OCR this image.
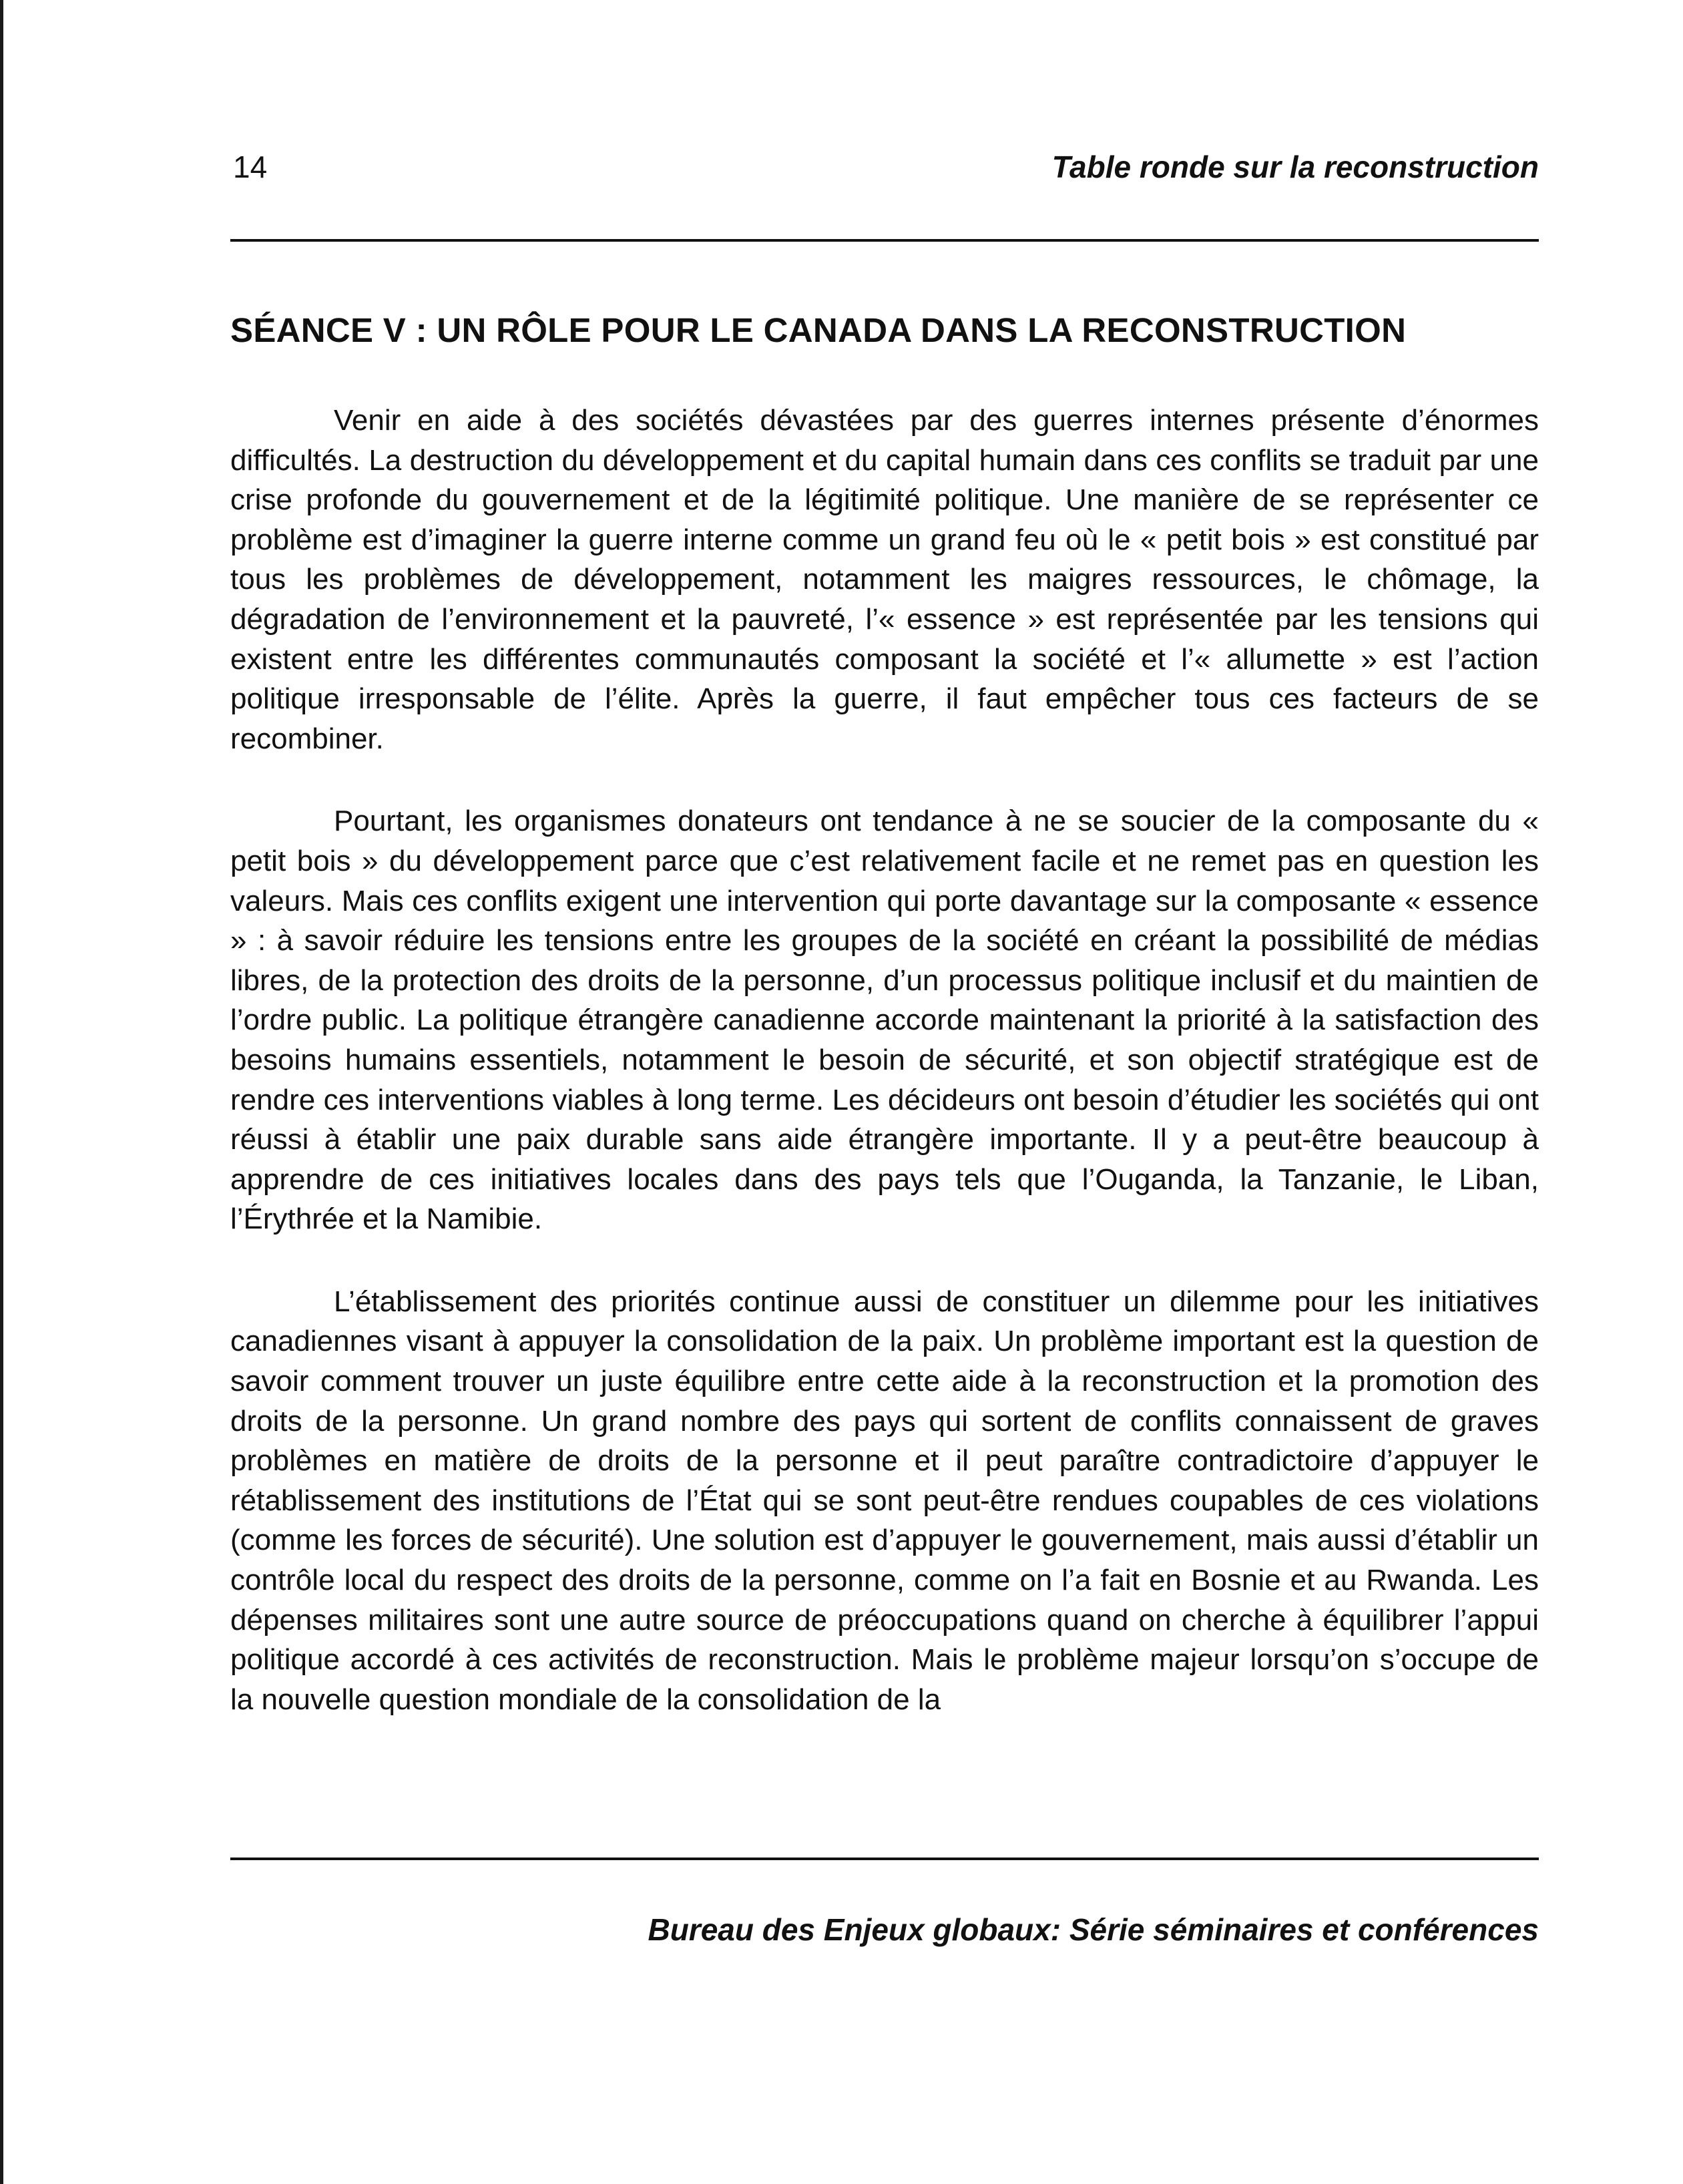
14	Table ronde sur la reconstruction
SÉANCE V : UN RÔLE POUR LE CANADA DANS LA RECONSTRUCTION

Venir en aide à des sociétés dévastées par des guerres internes présente d’énormes difficultés. La destruction du développement et du capital humain dans ces conflits se traduit par une crise profonde du gouvernement et de la légitimité politique. Une manière de se représenter ce problème est d’imaginer la guerre interne comme un grand feu où le « petit bois » est constitué par tous les problèmes de développement, notamment les maigres ressources, le chômage, la dégradation de l’environnement et la pauvreté, l’« essence » est représentée par les tensions qui existent entre les différentes communautés composant la société et l’« allumette » est l’action politique irresponsable de l’élite. Après la guerre, il faut empêcher tous ces facteurs de se recombiner.

Pourtant, les organismes donateurs ont tendance à ne se soucier de la composante du « petit bois » du développement parce que c’est relativement facile et ne remet pas en question les valeurs. Mais ces conflits exigent une intervention qui porte davantage sur la composante « essence » : à savoir réduire les tensions entre les groupes de la société en créant la possibilité de médias libres, de la protection des droits de la personne, d’un processus politique inclusif et du maintien de l’ordre public. La politique étrangère canadienne accorde maintenant la priorité à la satisfaction des besoins humains essentiels, notamment le besoin de sécurité, et son objectif stratégique est de rendre ces interventions viables à long terme. Les décideurs ont besoin d’étudier les sociétés qui ont réussi à établir une paix durable sans aide étrangère importante. Il y a peut-être beaucoup à apprendre de ces initiatives locales dans des pays tels que l’Ouganda, la Tanzanie, le Liban, l’Érythrée et la Namibie.

L’établissement des priorités continue aussi de constituer un dilemme pour les initiatives canadiennes visant à appuyer la consolidation de la paix. Un problème important est la question de savoir comment trouver un juste équilibre entre cette aide à la reconstruction et la promotion des droits de la personne. Un grand nombre des pays qui sortent de conflits connaissent de graves problèmes en matière de droits de la personne et il peut paraître contradictoire d’appuyer le rétablissement des institutions de l’État qui se sont peut-être rendues coupables de ces violations (comme les forces de sécurité). Une solution est d’appuyer le gouvernement, mais aussi d’établir un contrôle local du respect des droits de la personne, comme on l’a fait en Bosnie et au Rwanda. Les dépenses militaires sont une autre source de préoccupations quand on cherche à équilibrer l’appui politique accordé à ces activités de reconstruction. Mais le problème majeur lorsqu’on s’occupe de la nouvelle question mondiale de la consolidation de la

Bureau des Enjeux globaux: Série séminaires et conférences
